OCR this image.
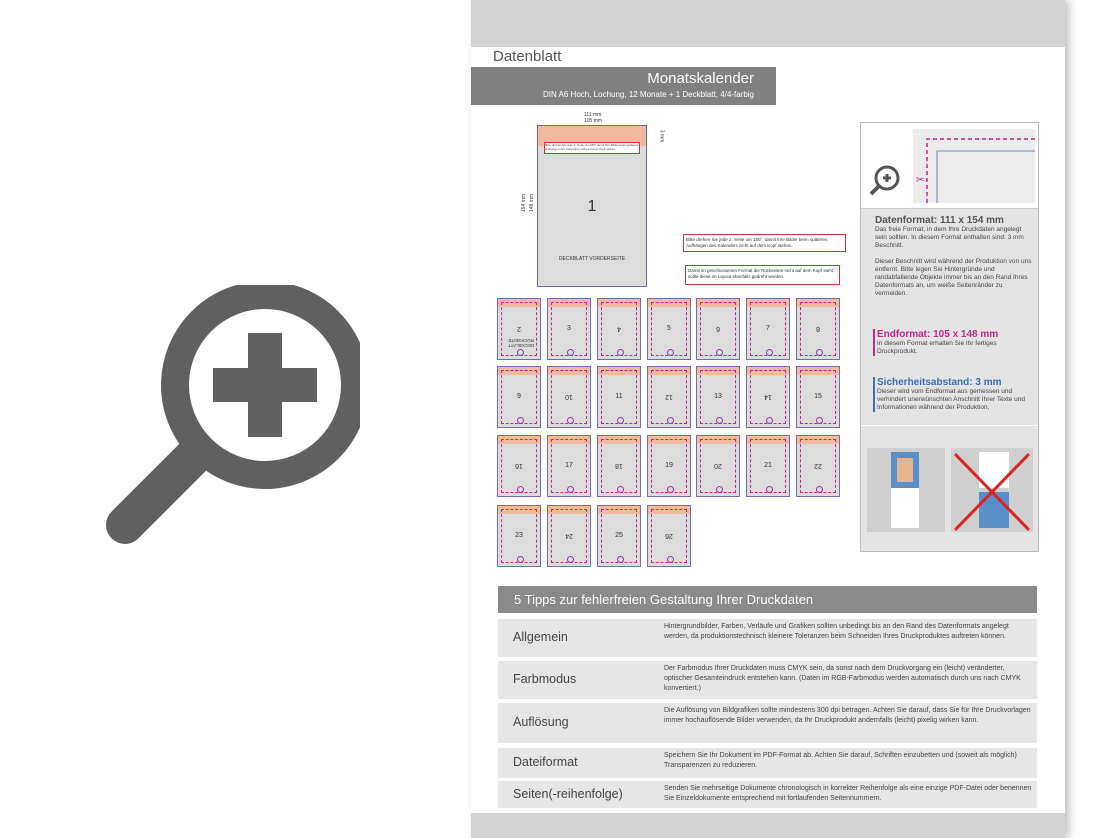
Datenblatt
Monatskalender
DIN A6 Hoch, Lochung, 12 Monate + 1 Deckblatt, 4/4-farbig
111 mm
105 mm
154 mm 148 mm
3 mm
Bitte drehen Sie jede 2. Seite um 180° damit Ihre Bilder beim späteren Aufhängen des Kalenders nicht auf dem Kopf stehen.
1
DECKBLATT VORDERSEITE
Bitte drehen Sie jede 2. Seite um 180°, damit Ihre Bilder beim späteren Aufhängen des Kalenders nicht auf dem Kopf stehen.
Damit im geschlossenen Format die Rückseiten nicht auf dem Kopf steht, sollte diese im Layout ebenfalls gedreht werden.
2	3	4	5	6	7	8
9	10	11	12	13	14	15
16	17	18	19	20	21	22
23	24	25	26
DECKBLATT RÜCKSEITE
✂
Datenformat: 111 x 154 mm

Das freie Format, in dem Ihre Druckdaten angelegt sein sollten. In diesem Format enthalten sind: 3 mm Beschnitt.

Dieser Beschnitt wird während der Produktion von uns entfernt. Bitte legen Sie Hintergründe und randabfallende Objekte immer bis an den Rand Ihres Datenformats an, um weiße Seitenränder zu vermeiden.

Endformat: 105 x 148 mm

In diesem Format erhalten Sie Ihr fertiges Druckprodukt.

Sicherheitsabstand: 3 mm

Dieser wird vom Endformat aus gemessen und verhindert unerwünschten Anschnitt Ihrer Texte und Informationen während der Produktion.

5 Tipps zur fehlerfreien Gestaltung Ihrer Druckdaten
Allgemein
Hintergrundbilder, Farben, Verläufe und Grafiken sollten unbedingt bis an den Rand des Datenformats angelegt werden, da produktionstechnisch kleinere Toleranzen beim Schneiden Ihres Druckproduktes auftreten können.
Farbmodus
Der Farbmodus Ihrer Druckdaten muss CMYK sein, da sonst nach dem Druckvorgang ein (leicht) veränderter, optischer Gesamteindruck entstehen kann. (Daten im RGB-Farbmodus werden automatisch durch uns nach CMYK konvertiert.)
Auflösung
Die Auflösung von Bildgrafiken sollte mindestens 300 dpi betragen. Achten Sie darauf, dass Sie für Ihre Druckvorlagen immer hochauflösende Bilder verwenden, da Ihr Druckprodukt andernfalls (leicht) pixelig wirken kann.
Dateiformat	Speichern Sie Ihr Dokument im PDF-Format ab. Achten Sie darauf, Schriften einzubetten und (soweit als möglich) Transparenzen zu reduzieren.
Seiten(-reihenfolge)	Senden Sie mehrseitige Dokumente chronologisch in korrekter Reihenfolge als eine einzige PDF-Datei oder benennen Sie Einzeldokumente entsprechend mit fortlaufenden Seitennummern.
